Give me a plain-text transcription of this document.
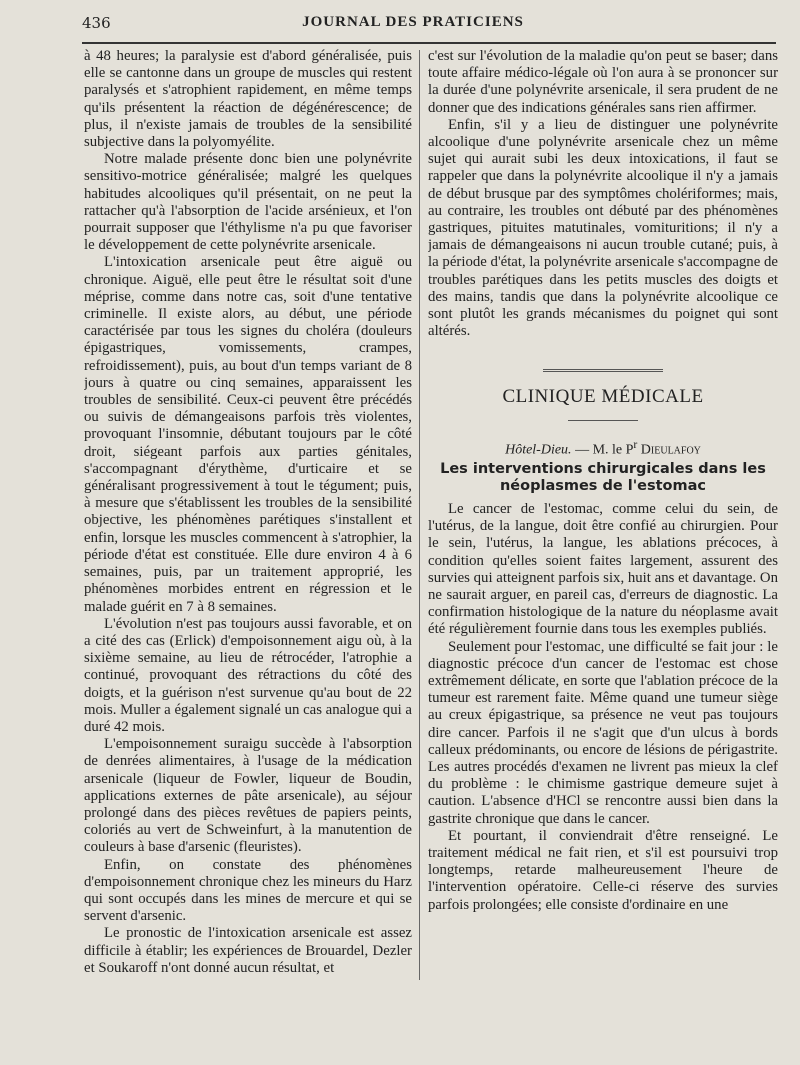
436	JOURNAL DES PRATICIENS

à 48 heures; la paralysie est d'abord généralisée, puis elle se cantonne dans un groupe de muscles qui restent paralysés et s'atrophient rapidement, en même temps qu'ils présentent la réaction de dégénérescence; de plus, il n'existe jamais de troubles de la sensibilité subjective dans la polyomyélite.

Notre malade présente donc bien une polynévrite sensitivo-motrice généralisée; malgré les quelques habitudes alcooliques qu'il présentait, on ne peut la rattacher qu'à l'absorption de l'acide arsénieux, et l'on pourrait supposer que l'éthylisme n'a pu que favoriser le développement de cette polynévrite arsenicale.

L'intoxication arsenicale peut être aiguë ou chronique. Aiguë, elle peut être le résultat soit d'une méprise, comme dans notre cas, soit d'une tentative criminelle. Il existe alors, au début, une période caractérisée par tous les signes du choléra (douleurs épigastriques, vomissements, crampes, refroidissement), puis, au bout d'un temps variant de 8 jours à quatre ou cinq semaines, apparaissent les troubles de sensibilité. Ceux-ci peuvent être précédés ou suivis de démangeaisons parfois très violentes, provoquant l'insomnie, débutant toujours par le côté droit, siégeant parfois aux parties génitales, s'accompagnant d'érythème, d'urticaire et se généralisant progressivement à tout le tégument; puis, à mesure que s'établissent les troubles de la sensibilité objective, les phénomènes parétiques s'installent et enfin, lorsque les muscles commencent à s'atrophier, la période d'état est constituée. Elle dure environ 4 à 6 semaines, puis, par un traitement approprié, les phénomènes morbides entrent en régression et le malade guérit en 7 à 8 semaines.

L'évolution n'est pas toujours aussi favorable, et on a cité des cas (Erlick) d'empoisonnement aigu où, à la sixième semaine, au lieu de rétrocéder, l'atrophie a continué, provoquant des rétractions du côté des doigts, et la guérison n'est survenue qu'au bout de 22 mois. Muller a également signalé un cas analogue qui a duré 42 mois.

L'empoisonnement suraigu succède à l'absorption de denrées alimentaires, à l'usage de la médication arsenicale (liqueur de Fowler, liqueur de Boudin, applications externes de pâte arsenicale), au séjour prolongé dans des pièces revêtues de papiers peints, coloriés au vert de Schweinfurt, à la manutention de couleurs à base d'arsenic (fleuristes).

Enfin, on constate des phénomènes d'empoisonnement chronique chez les mineurs du Harz qui sont occupés dans les mines de mercure et qui se servent d'arsenic.

Le pronostic de l'intoxication arsenicale est assez difficile à établir; les expériences de Brouardel, Dezler et Soukaroff n'ont donné aucun résultat, et

c'est sur l'évolution de la maladie qu'on peut se baser; dans toute affaire médico-légale où l'on aura à se prononcer sur la durée d'une polynévrite arsenicale, il sera prudent de ne donner que des indications générales sans rien affirmer.

Enfin, s'il y a lieu de distinguer une polynévrite alcoolique d'une polynévrite arsenicale chez un même sujet qui aurait subi les deux intoxications, il faut se rappeler que dans la polynévrite alcoolique il n'y a jamais de début brusque par des symptômes cholériformes; mais, au contraire, les troubles ont débuté par des phénomènes gastriques, pituites matutinales, vomituritions; il n'y a jamais de démangeaisons ni aucun trouble cutané; puis, à la période d'état, la polynévrite arsenicale s'accompagne de troubles parétiques dans les petits muscles des doigts et des mains, tandis que dans la polynévrite alcoolique ce sont plutôt les grands mécanismes du poignet qui sont altérés.

CLINIQUE MÉDICALE
Hôtel-Dieu. — M. le $P^r$ Dieulafoy
Les interventions chirurgicales dans les néoplasmes de l'estomac

Le cancer de l'estomac, comme celui du sein, de l'utérus, de la langue, doit être confié au chirurgien. Pour le sein, l'utérus, la langue, les ablations précoces, à condition qu'elles soient faites largement, assurent des survies qui atteignent parfois six, huit ans et davantage. On ne saurait arguer, en pareil cas, d'erreurs de diagnostic. La confirmation histologique de la nature du néoplasme avait été régulièrement fournie dans tous les exemples publiés.

Seulement pour l'estomac, une difficulté se fait jour : le diagnostic précoce d'un cancer de l'estomac est chose extrêmement délicate, en sorte que l'ablation précoce de la tumeur est rarement faite. Même quand une tumeur siège au creux épigastrique, sa présence ne veut pas toujours dire cancer. Parfois il ne s'agit que d'un ulcus à bords calleux prédominants, ou encore de lésions de périgastrite. Les autres procédés d'examen ne livrent pas mieux la clef du problème : le chimisme gastrique demeure sujet à caution. L'absence d'HCl se rencontre aussi bien dans la gastrite chronique que dans le cancer.

Et pourtant, il conviendrait d'être renseigné. Le traitement médical ne fait rien, et s'il est poursuivi trop longtemps, retarde malheureusement l'heure de l'intervention opératoire. Celle-ci réserve des survies parfois prolongées; elle consiste d'ordinaire en une
